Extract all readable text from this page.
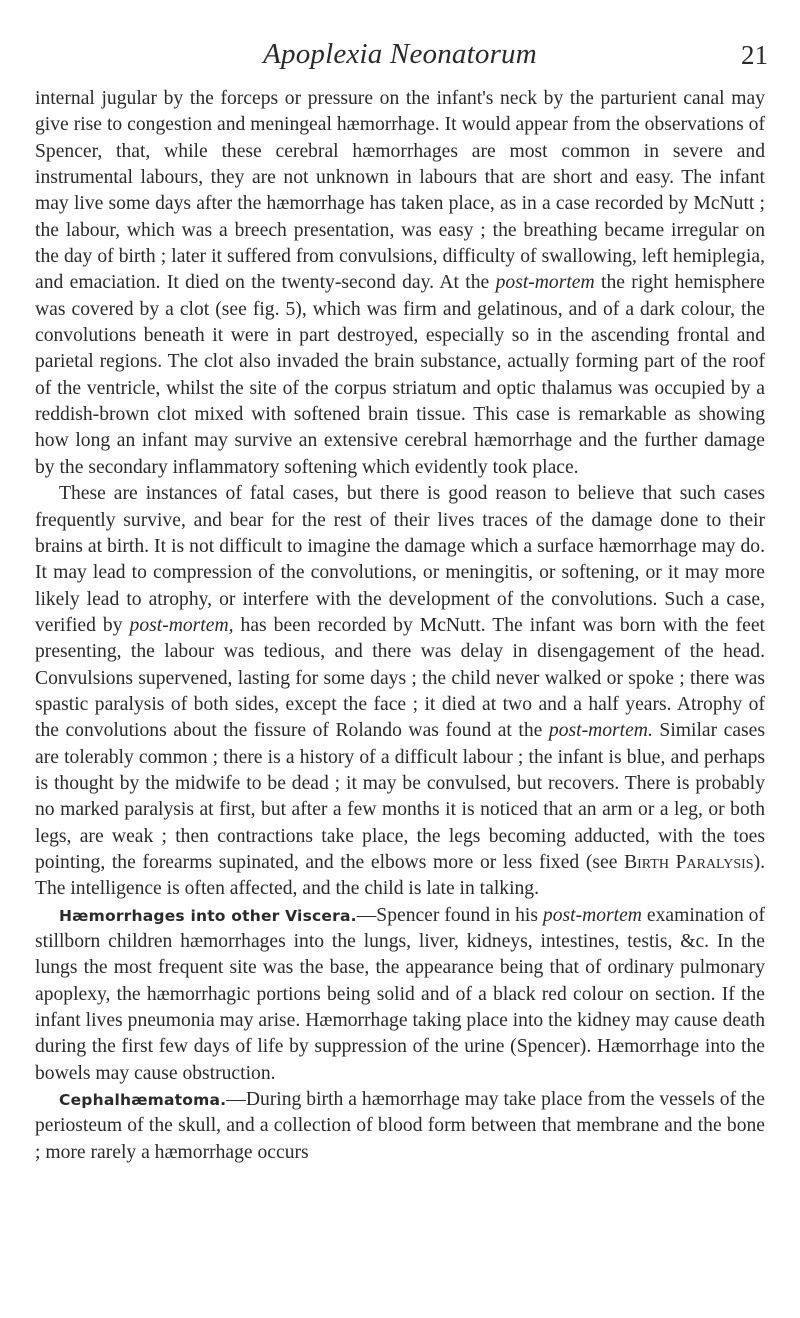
Apoplexia Neonatorum	21

internal jugular by the forceps or pressure on the infant's neck by the parturient canal may give rise to congestion and meningeal hæmorrhage. It would appear from the observations of Spencer, that, while these cerebral hæmorrhages are most common in severe and instrumental labours, they are not unknown in labours that are short and easy. The infant may live some days after the hæmorrhage has taken place, as in a case recorded by McNutt ; the labour, which was a breech presentation, was easy ; the breathing became irregular on the day of birth ; later it suffered from convulsions, difficulty of swallowing, left hemiplegia, and emaciation. It died on the twenty-second day. At the post-mortem the right hemisphere was covered by a clot (see fig. 5), which was firm and gelatinous, and of a dark colour, the convolutions beneath it were in part destroyed, especially so in the ascending frontal and parietal regions. The clot also invaded the brain substance, actually forming part of the roof of the ventricle, whilst the site of the corpus striatum and optic thalamus was occupied by a reddish-brown clot mixed with softened brain tissue. This case is remarkable as showing how long an infant may survive an extensive cerebral hæmorrhage and the further damage by the secondary inflammatory softening which evidently took place.

These are instances of fatal cases, but there is good reason to believe that such cases frequently survive, and bear for the rest of their lives traces of the damage done to their brains at birth. It is not difficult to imagine the damage which a surface hæmorrhage may do. It may lead to compression of the convolutions, or meningitis, or softening, or it may more likely lead to atrophy, or interfere with the development of the convolutions. Such a case, verified by post-mortem, has been recorded by McNutt. The infant was born with the feet presenting, the labour was tedious, and there was delay in disengagement of the head. Convulsions supervened, lasting for some days ; the child never walked or spoke ; there was spastic paralysis of both sides, except the face ; it died at two and a half years. Atrophy of the convolutions about the fissure of Rolando was found at the post-mortem. Similar cases are tolerably common ; there is a history of a difficult labour ; the infant is blue, and perhaps is thought by the midwife to be dead ; it may be convulsed, but recovers. There is probably no marked paralysis at first, but after a few months it is noticed that an arm or a leg, or both legs, are weak ; then contractions take place, the legs becoming adducted, with the toes pointing, the forearms supinated, and the elbows more or less fixed (see Birth Paralysis). The intelligence is often affected, and the child is late in talking.

Hæmorrhages into other Viscera.—Spencer found in his post-mortem examination of stillborn children hæmorrhages into the lungs, liver, kidneys, intestines, testis, &c. In the lungs the most frequent site was the base, the appearance being that of ordinary pulmonary apoplexy, the hæmorrhagic portions being solid and of a black red colour on section. If the infant lives pneumonia may arise. Hæmorrhage taking place into the kidney may cause death during the first few days of life by suppression of the urine (Spencer). Hæmorrhage into the bowels may cause obstruction.

Cephalhæmatoma.—During birth a hæmorrhage may take place from the vessels of the periosteum of the skull, and a collection of blood form between that membrane and the bone ; more rarely a hæmorrhage occurs
